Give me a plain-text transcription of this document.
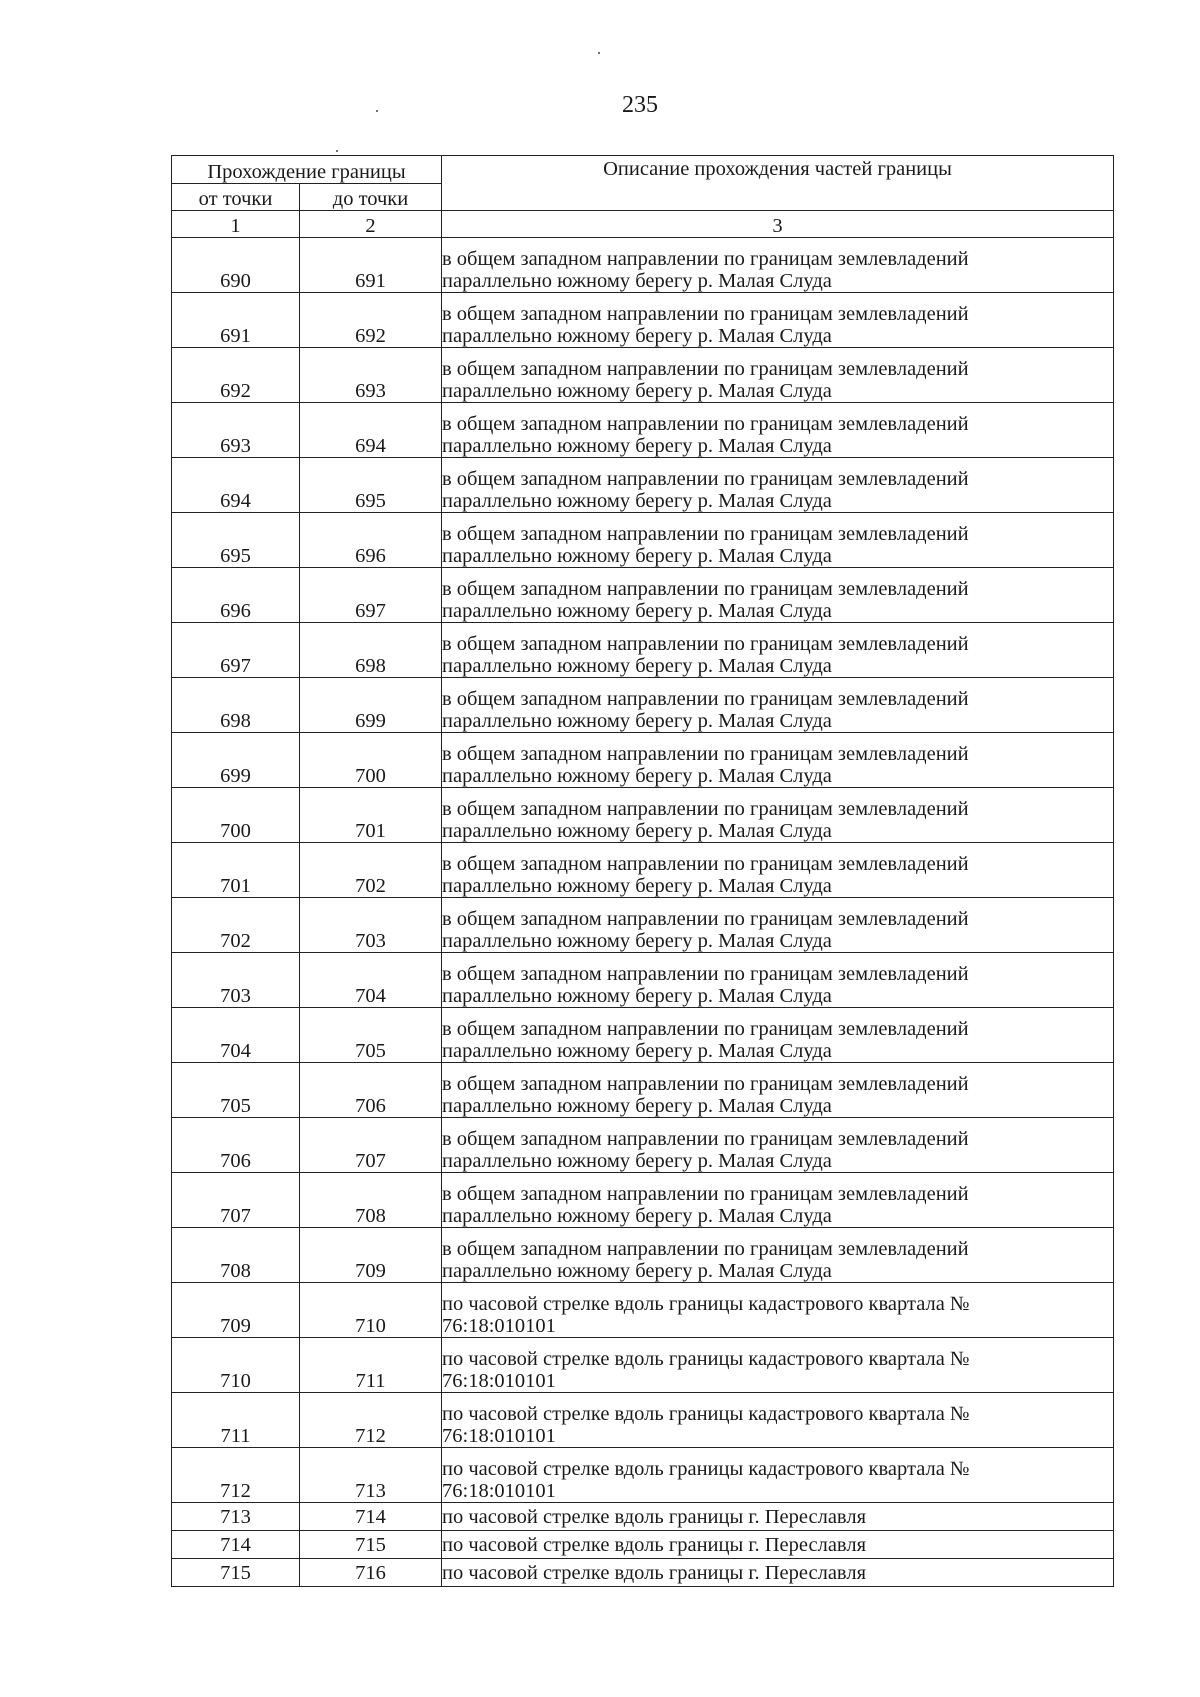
235
Прохождение границы		Описание прохождения частей границы
от точки	до точки	
1	2	3
690	691	в общем западном направлении по границам землевладений
параллельно южному берегу р. Малая Слуда

691	692	в общем западном направлении по границам землевладений
параллельно южному берегу р. Малая Слуда

692	693	в общем западном направлении по границам землевладений
параллельно южному берегу р. Малая Слуда

693	694	в общем западном направлении по границам землевладений
параллельно южному берегу р. Малая Слуда

694	695	в общем западном направлении по границам землевладений
параллельно южному берегу р. Малая Слуда

695	696	в общем западном направлении по границам землевладений
параллельно южному берегу р. Малая Слуда

696	697	в общем западном направлении по границам землевладений
параллельно южному берегу р. Малая Слуда

697	698	в общем западном направлении по границам землевладений
параллельно южному берегу р. Малая Слуда

698	699	в общем западном направлении по границам землевладений
параллельно южному берегу р. Малая Слуда

699	700	в общем западном направлении по границам землевладений
параллельно южному берегу р. Малая Слуда

700	701	в общем западном направлении по границам землевладений
параллельно южному берегу р. Малая Слуда

701	702	в общем западном направлении по границам землевладений
параллельно южному берегу р. Малая Слуда

702	703	в общем западном направлении по границам землевладений
параллельно южному берегу р. Малая Слуда

703	704	в общем западном направлении по границам землевладений
параллельно южному берегу р. Малая Слуда

704	705	в общем западном направлении по границам землевладений
параллельно южному берегу р. Малая Слуда

705	706	в общем западном направлении по границам землевладений
параллельно южному берегу р. Малая Слуда

706	707	в общем западном направлении по границам землевладений
параллельно южному берегу р. Малая Слуда

707	708	в общем западном направлении по границам землевладений
параллельно южному берегу р. Малая Слуда

708	709	в общем западном направлении по границам землевладений
параллельно южному берегу р. Малая Слуда

709	710	по часовой стрелке вдоль границы кадастрового квартала №
76:18:010101

710	711	по часовой стрелке вдоль границы кадастрового квартала №
76:18:010101

711	712	по часовой стрелке вдоль границы кадастрового квартала №
76:18:010101

712	713	по часовой стрелке вдоль границы кадастрового квартала №
76:18:010101

713	714	по часовой стрелке вдоль границы г. Переславля

714	715	по часовой стрелке вдоль границы г. Переславля

715	716	по часовой стрелке вдоль границы г. Переславля
